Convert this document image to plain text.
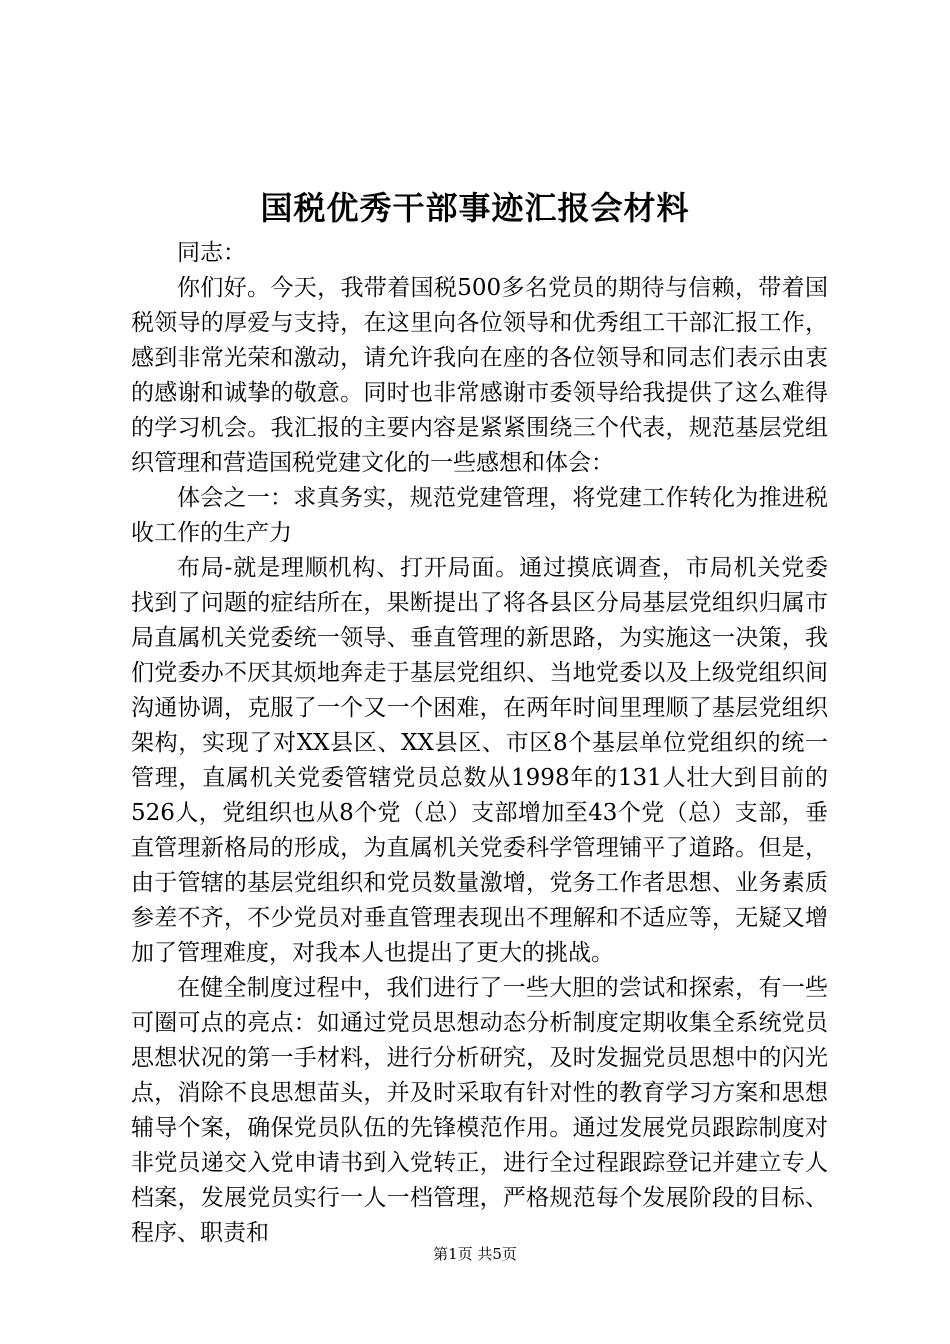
国税优秀干部事迹汇报会材料

同志：

你们好。今天，我带着国税500多名党员的期待与信赖，带着国税领导的厚爱与支持，在这里向各位领导和优秀组工干部汇报工作，感到非常光荣和激动，请允许我向在座的各位领导和同志们表示由衷的感谢和诚挚的敬意。同时也非常感谢市委领导给我提供了这么难得的学习机会。我汇报的主要内容是紧紧围绕三个代表，规范基层党组织管理和营造国税党建文化的一些感想和体会：

体会之一：求真务实，规范党建管理，将党建工作转化为推进税收工作的生产力

布局-就是理顺机构、打开局面。通过摸底调查，市局机关党委找到了问题的症结所在，果断提出了将各县区分局基层党组织归属市局直属机关党委统一领导、垂直管理的新思路，为实施这一决策，我们党委办不厌其烦地奔走于基层党组织、当地党委以及上级党组织间沟通协调，克服了一个又一个困难，在两年时间里理顺了基层党组织架构，实现了对XX县区、XX县区、市区8个基层单位党组织的统一管理，直属机关党委管辖党员总数从1998年的131人壮大到目前的526人，党组织也从8个党（总）支部增加至43个党（总）支部，垂直管理新格局的形成，为直属机关党委科学管理铺平了道路。但是，由于管辖的基层党组织和党员数量激增，党务工作者思想、业务素质参差不齐，不少党员对垂直管理表现出不理解和不适应等，无疑又增加了管理难度，对我本人也提出了更大的挑战。

在健全制度过程中，我们进行了一些大胆的尝试和探索，有一些可圈可点的亮点：如通过党员思想动态分析制度定期收集全系统党员思想状况的第一手材料，进行分析研究，及时发掘党员思想中的闪光点，消除不良思想苗头，并及时采取有针对性的教育学习方案和思想辅导个案，确保党员队伍的先锋模范作用。通过发展党员跟踪制度对非党员递交入党申请书到入党转正，进行全过程跟踪登记并建立专人档案，发展党员实行一人一档管理，严格规范每个发展阶段的目标、程序、职责和

第1页 共5页
